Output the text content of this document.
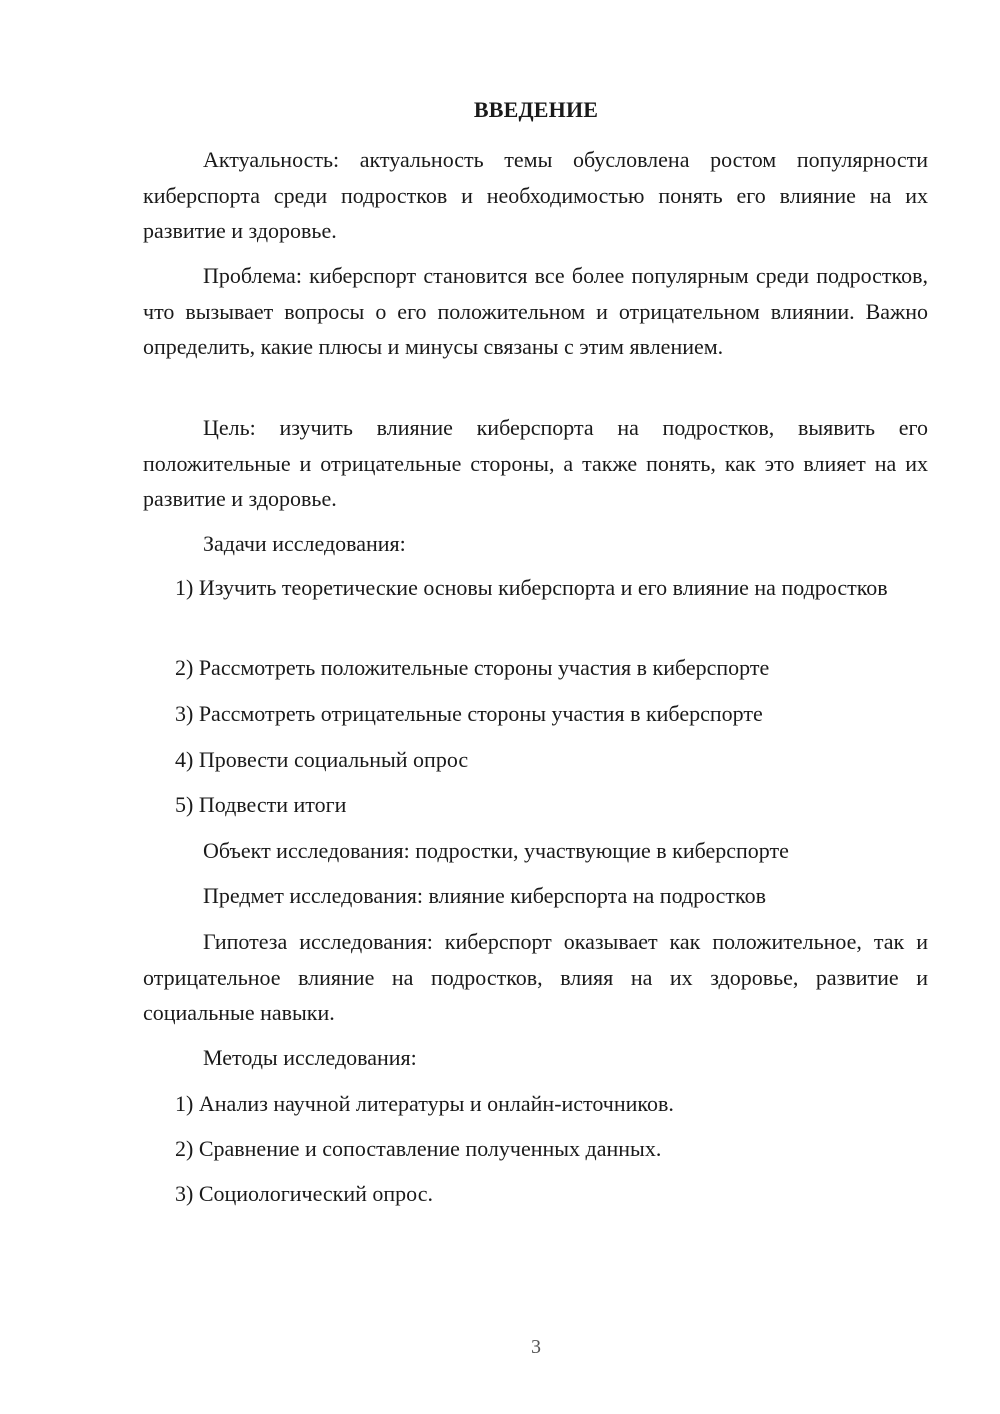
ВВЕДЕНИЕ

Актуальность: актуальность темы обусловлена ростом популярности киберспорта среди подростков и необходимостью понять его влияние на их развитие и здоровье.

Проблема: киберспорт становится все более популярным среди подростков, что вызывает вопросы о его положительном и отрицательном влиянии. Важно определить, какие плюсы и минусы связаны с этим явлением.

Цель: изучить влияние киберспорта на подростков, выявить его положительные и отрицательные стороны, а также понять, как это влияет на их развитие и здоровье.

Задачи исследования:

1) Изучить теоретические основы киберспорта и его влияние на подростков

2) Рассмотреть положительные стороны участия в киберспорте

3) Рассмотреть отрицательные стороны участия в киберспорте

4) Провести социальный опрос

5) Подвести итоги

Объект исследования: подростки, участвующие в киберспорте

Предмет исследования: влияние киберспорта на подростков

Гипотеза исследования: киберспорт оказывает как положительное, так и отрицательное влияние на подростков, влияя на их здоровье, развитие и социальные навыки.

Методы исследования:

1) Анализ научной литературы и онлайн-источников.

2) Сравнение и сопоставление полученных данных.

3) Социологический опрос.

3
